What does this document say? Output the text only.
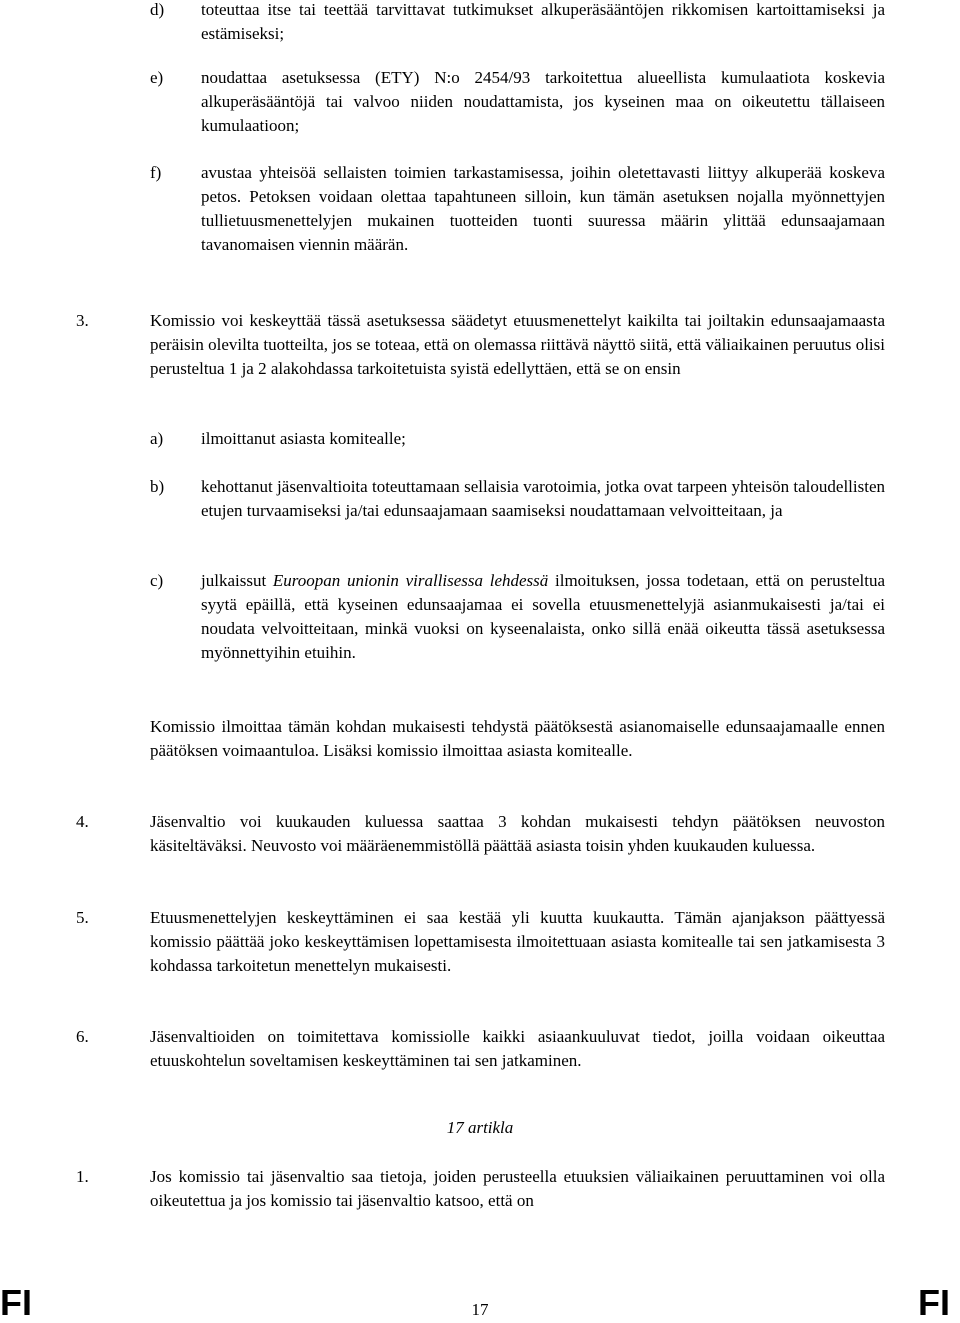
d) toteuttaa itse tai teettää tarvittavat tutkimukset alkuperäsääntöjen rikkomisen kartoittamiseksi ja estämiseksi;
e) noudattaa asetuksessa (ETY) N:o 2454/93 tarkoitettua alueellista kumulaatiota koskevia alkuperäsääntöjä tai valvoo niiden noudattamista, jos kyseinen maa on oikeutettu tällaiseen kumulaatioon;
f) avustaa yhteisöä sellaisten toimien tarkastamisessa, joihin oletettavasti liittyy alkuperää koskeva petos. Petoksen voidaan olettaa tapahtuneen silloin, kun tämän asetuksen nojalla myönnettyjen tullietuusmenettelyjen mukainen tuotteiden tuonti suuressa määrin ylittää edunsaajamaan tavanomaisen viennin määrän.
3.	Komissio voi keskeyttää tässä asetuksessa säädetyt etuusmenettelyt kaikilta tai joiltakin edunsaajamaasta peräisin olevilta tuotteilta, jos se toteaa, että on olemassa riittävä näyttö siitä, että väliaikainen peruutus olisi perusteltua 1 ja 2 alakohdassa tarkoitetuista syistä edellyttäen, että se on ensin
a) ilmoittanut asiasta komitealle;
b) kehottanut jäsenvaltioita toteuttamaan sellaisia varotoimia, jotka ovat tarpeen yhteisön taloudellisten etujen turvaamiseksi ja/tai edunsaajamaan saamiseksi noudattamaan velvoitteitaan, ja
c) julkaissut Euroopan unionin virallisessa lehdessä ilmoituksen, jossa todetaan, että on perusteltua syytä epäillä, että kyseinen edunsaajamaa ei sovella etuusmenettelyjä asianmukaisesti ja/tai ei noudata velvoitteitaan, minkä vuoksi on kyseenalaista, onko sillä enää oikeutta tässä asetuksessa myönnettyihin etuihin.
Komissio ilmoittaa tämän kohdan mukaisesti tehdystä päätöksestä asianomaiselle edunsaajamaalle ennen päätöksen voimaantuloa. Lisäksi komissio ilmoittaa asiasta komitealle.
4.	Jäsenvaltio voi kuukauden kuluessa saattaa 3 kohdan mukaisesti tehdyn päätöksen neuvoston käsiteltäväksi. Neuvosto voi määräenemmistöllä päättää asiasta toisin yhden kuukauden kuluessa.
5.	Etuusmenettelyjen keskeyttäminen ei saa kestää yli kuutta kuukautta. Tämän ajanjakson päättyessä komissio päättää joko keskeyttämisen lopettamisesta ilmoitettuaan asiasta komitealle tai sen jatkamisesta 3 kohdassa tarkoitetun menettelyn mukaisesti.
6.	Jäsenvaltioiden on toimitettava komissiolle kaikki asiaankuuluvat tiedot, joilla voidaan oikeuttaa etuuskohtelun soveltamisen keskeyttäminen tai sen jatkaminen.
17 artikla
1.	Jos komissio tai jäsenvaltio saa tietoja, joiden perusteella etuuksien väliaikainen peruuttaminen voi olla oikeutettua ja jos komissio tai jäsenvaltio katsoo, että on
FI	17	FI
